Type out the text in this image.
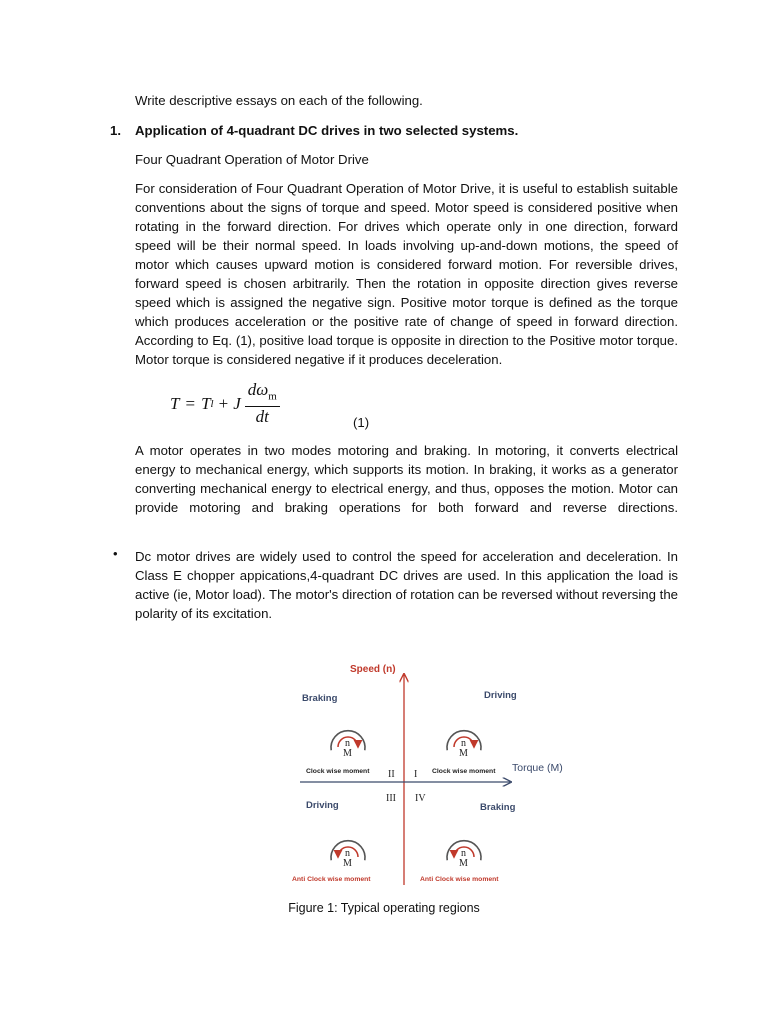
Write descriptive essays on each of the following.
1. Application of 4-quadrant DC drives in two selected systems.
Four Quadrant Operation of Motor Drive

For consideration of Four Quadrant Operation of Motor Drive, it is useful to establish suitable conventions about the signs of torque and speed. Motor speed is considered positive when rotating in the forward direction. For drives which operate only in one direction, forward speed will be their normal speed. In loads involving up-and-down motions, the speed of motor which causes upward motion is considered forward motion. For reversible drives, forward speed is chosen arbitrarily. Then the rotation in opposite direction gives reverse speed which is assigned the negative sign. Positive motor torque is defined as the torque which produces acceleration or the positive rate of change of speed in forward direction. According to Eq. (1), positive load torque is opposite in direction to the Positive motor torque. Motor torque is considered negative if it produces deceleration.

T = T l + J $\frac{d\omega_m}{dt}$	(1)

A motor operates in two modes motoring and braking. In motoring, it converts electrical energy to mechanical energy, which supports its motion. In braking, it works as a generator converting mechanical energy to electrical energy, and thus, opposes the motion. Motor can provide motoring and braking operations for both forward and reverse directions.

• Dc motor drives are widely used to control the speed for acceleration and deceleration. In Class E chopper appications,4-quadrant DC drives are used. In this application the load is active (ie, Motor load). The motor's direction of rotation can be reversed without reversing the polarity of its excitation.

Speed (n)
Torque (M)
Braking
n
M
Clock wise moment II
Driving
n
M
Clock wise moment
I
III
Driving
n
M
Anti Clock wise moment
IV
Braking
n
M
Anti Clock wise moment
Figure 1: Typical operating regions
